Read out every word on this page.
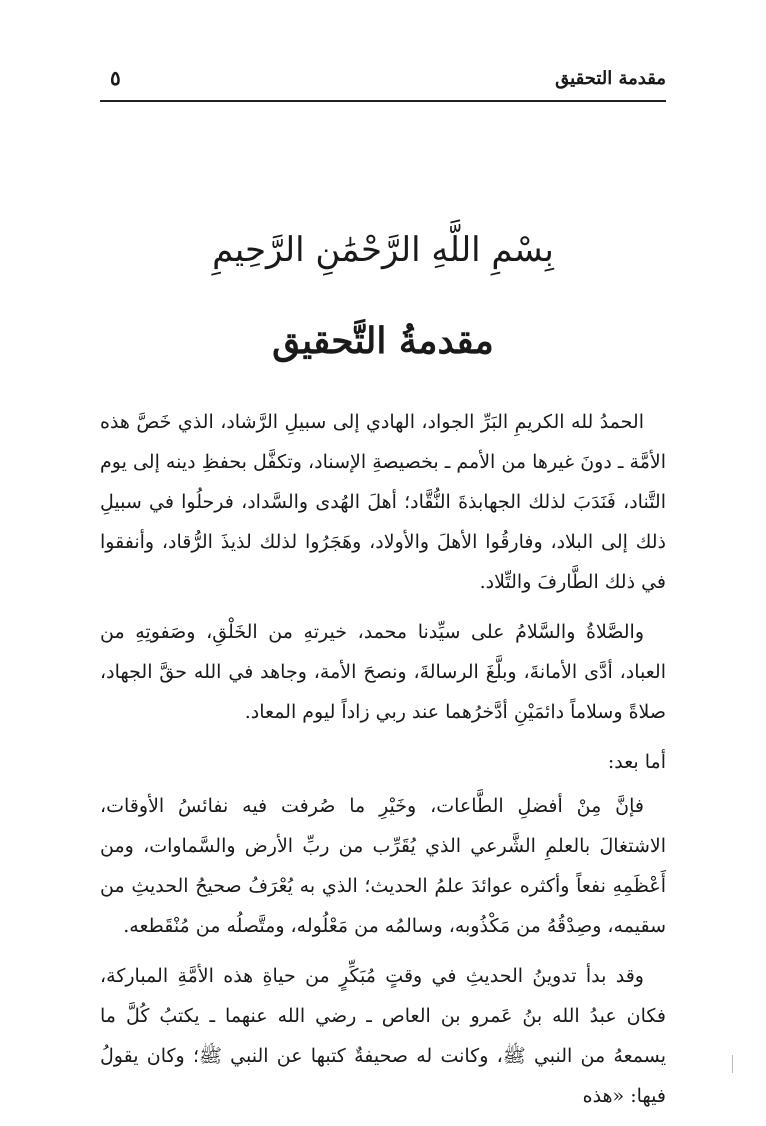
مقدمة التحقيق
٥
بِسْمِ اللَّهِ الرَّحْمَٰنِ الرَّحِيمِ
مقدمةُ التَّحقيق

الحمدُ لله الكريمِ البَرِّ الجواد، الهادي إلى سبيلِ الرَّشاد، الذي خَصَّ هذه الأمَّة ـ دونَ غيرها من الأمم ـ بخصيصةِ الإسناد، وتكفَّل بحفظِ دينه إلى يوم التَّناد، فَنَدَبَ لذلك الجهابذةَ النُّقَّاد؛ أهلَ الهُدى والسَّداد، فرحلُوا في سبيلِ ذلك إلى البلاد، وفارقُوا الأهلَ والأولاد، وهَجَرُوا لذلك لذيذَ الرُّقاد، وأنفقوا في ذلك الطَّارفَ والتِّلاد.

والصَّلاةُ والسَّلامُ على سيِّدنا محمد، خيرتهِ من الخَلْقِ، وصَفوتِهِ من العباد، أدَّى الأمانةَ، وبلَّغَ الرسالةَ، ونصحَ الأمة، وجاهد في الله حقَّ الجهاد، صلاةً وسلاماً دائمَيْنِ أدَّخرُهما عند ربي زاداً ليوم المعاد.

أما بعد:

فإنَّ مِنْ أفضلِ الطَّاعات، وخَيْرِ ما صُرفت فيه نفائسُ الأوقات، الاشتغالَ بالعلمِ الشَّرعي الذي يُقَرِّب من ربِّ الأرض والسَّماوات، ومن أَعْظَمِهِ نفعاً وأكثره عوائدَ علمُ الحديث؛ الذي به يُعْرَفُ صحيحُ الحديثِ من سقيمه، وصِدْقُهُ من مَكْذُوبه، وسالمُه من مَعْلُوله، ومتَّصلُه من مُنْقَطعه.

وقد بدأ تدوينُ الحديثِ في وقتٍ مُبَكِّرٍ من حياةِ هذه الأمَّةِ المباركة، فكان عبدُ الله بنُ عَمرو بن العاص ـ رضي الله عنهما ـ يكتبُ كُلَّ ما يسمعهُ من النبي ﷺ، وكانت له صحيفةٌ كتبها عن النبي ﷺ؛ وكان يقولُ فيها: «هذه
